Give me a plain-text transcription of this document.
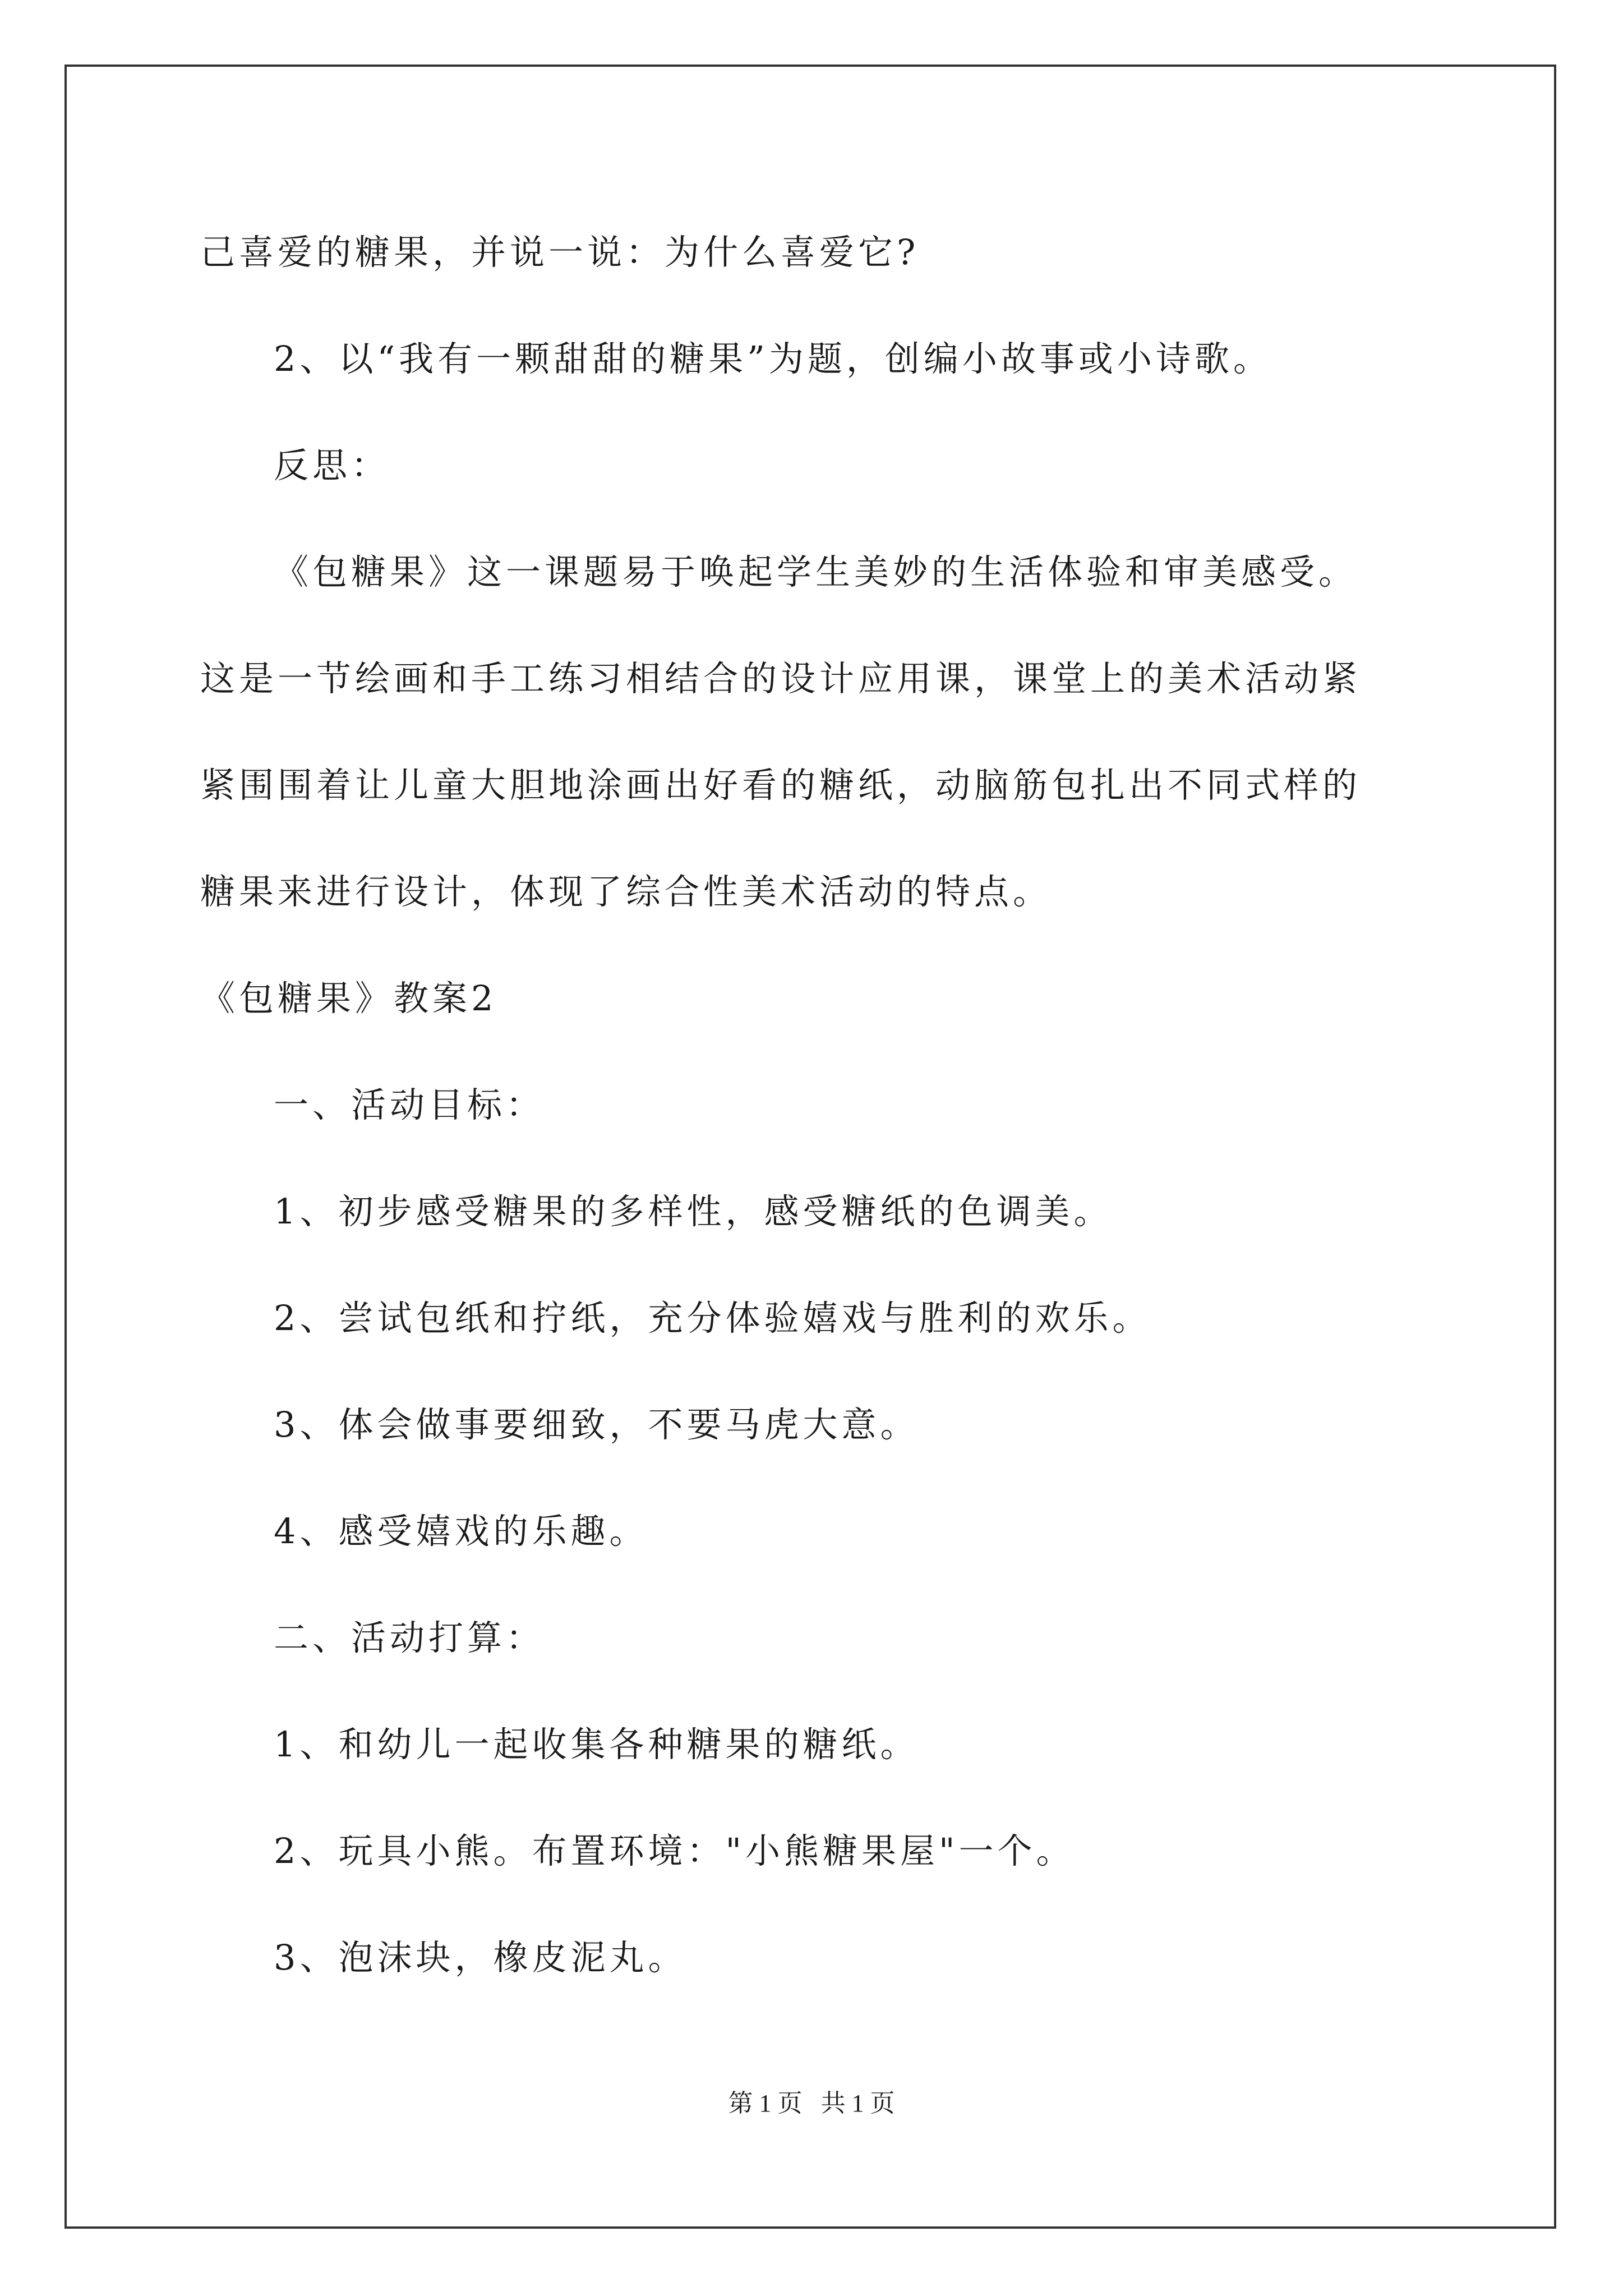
己喜爱的糖果，并说一说：为什么喜爱它?
2、以“我有一颗甜甜的糖果”为题，创编小故事或小诗歌。
反思：
《包糖果》这一课题易于唤起学生美妙的生活体验和审美感受。
这是一节绘画和手工练习相结合的设计应用课，课堂上的美术活动紧
紧围围着让儿童大胆地涂画出好看的糖纸，动脑筋包扎出不同式样的
糖果来进行设计，体现了综合性美术活动的特点。
《包糖果》教案2
一、活动目标：
1、初步感受糖果的多样性，感受糖纸的色调美。
2、尝试包纸和拧纸，充分体验嬉戏与胜利的欢乐。
3、体会做事要细致，不要马虎大意。
4、感受嬉戏的乐趣。
二、活动打算：
1、和幼儿一起收集各种糖果的糖纸。
2、玩具小熊。布置环境："小熊糖果屋"一个。
3、泡沫块，橡皮泥丸。
第 1 页   共 1 页
